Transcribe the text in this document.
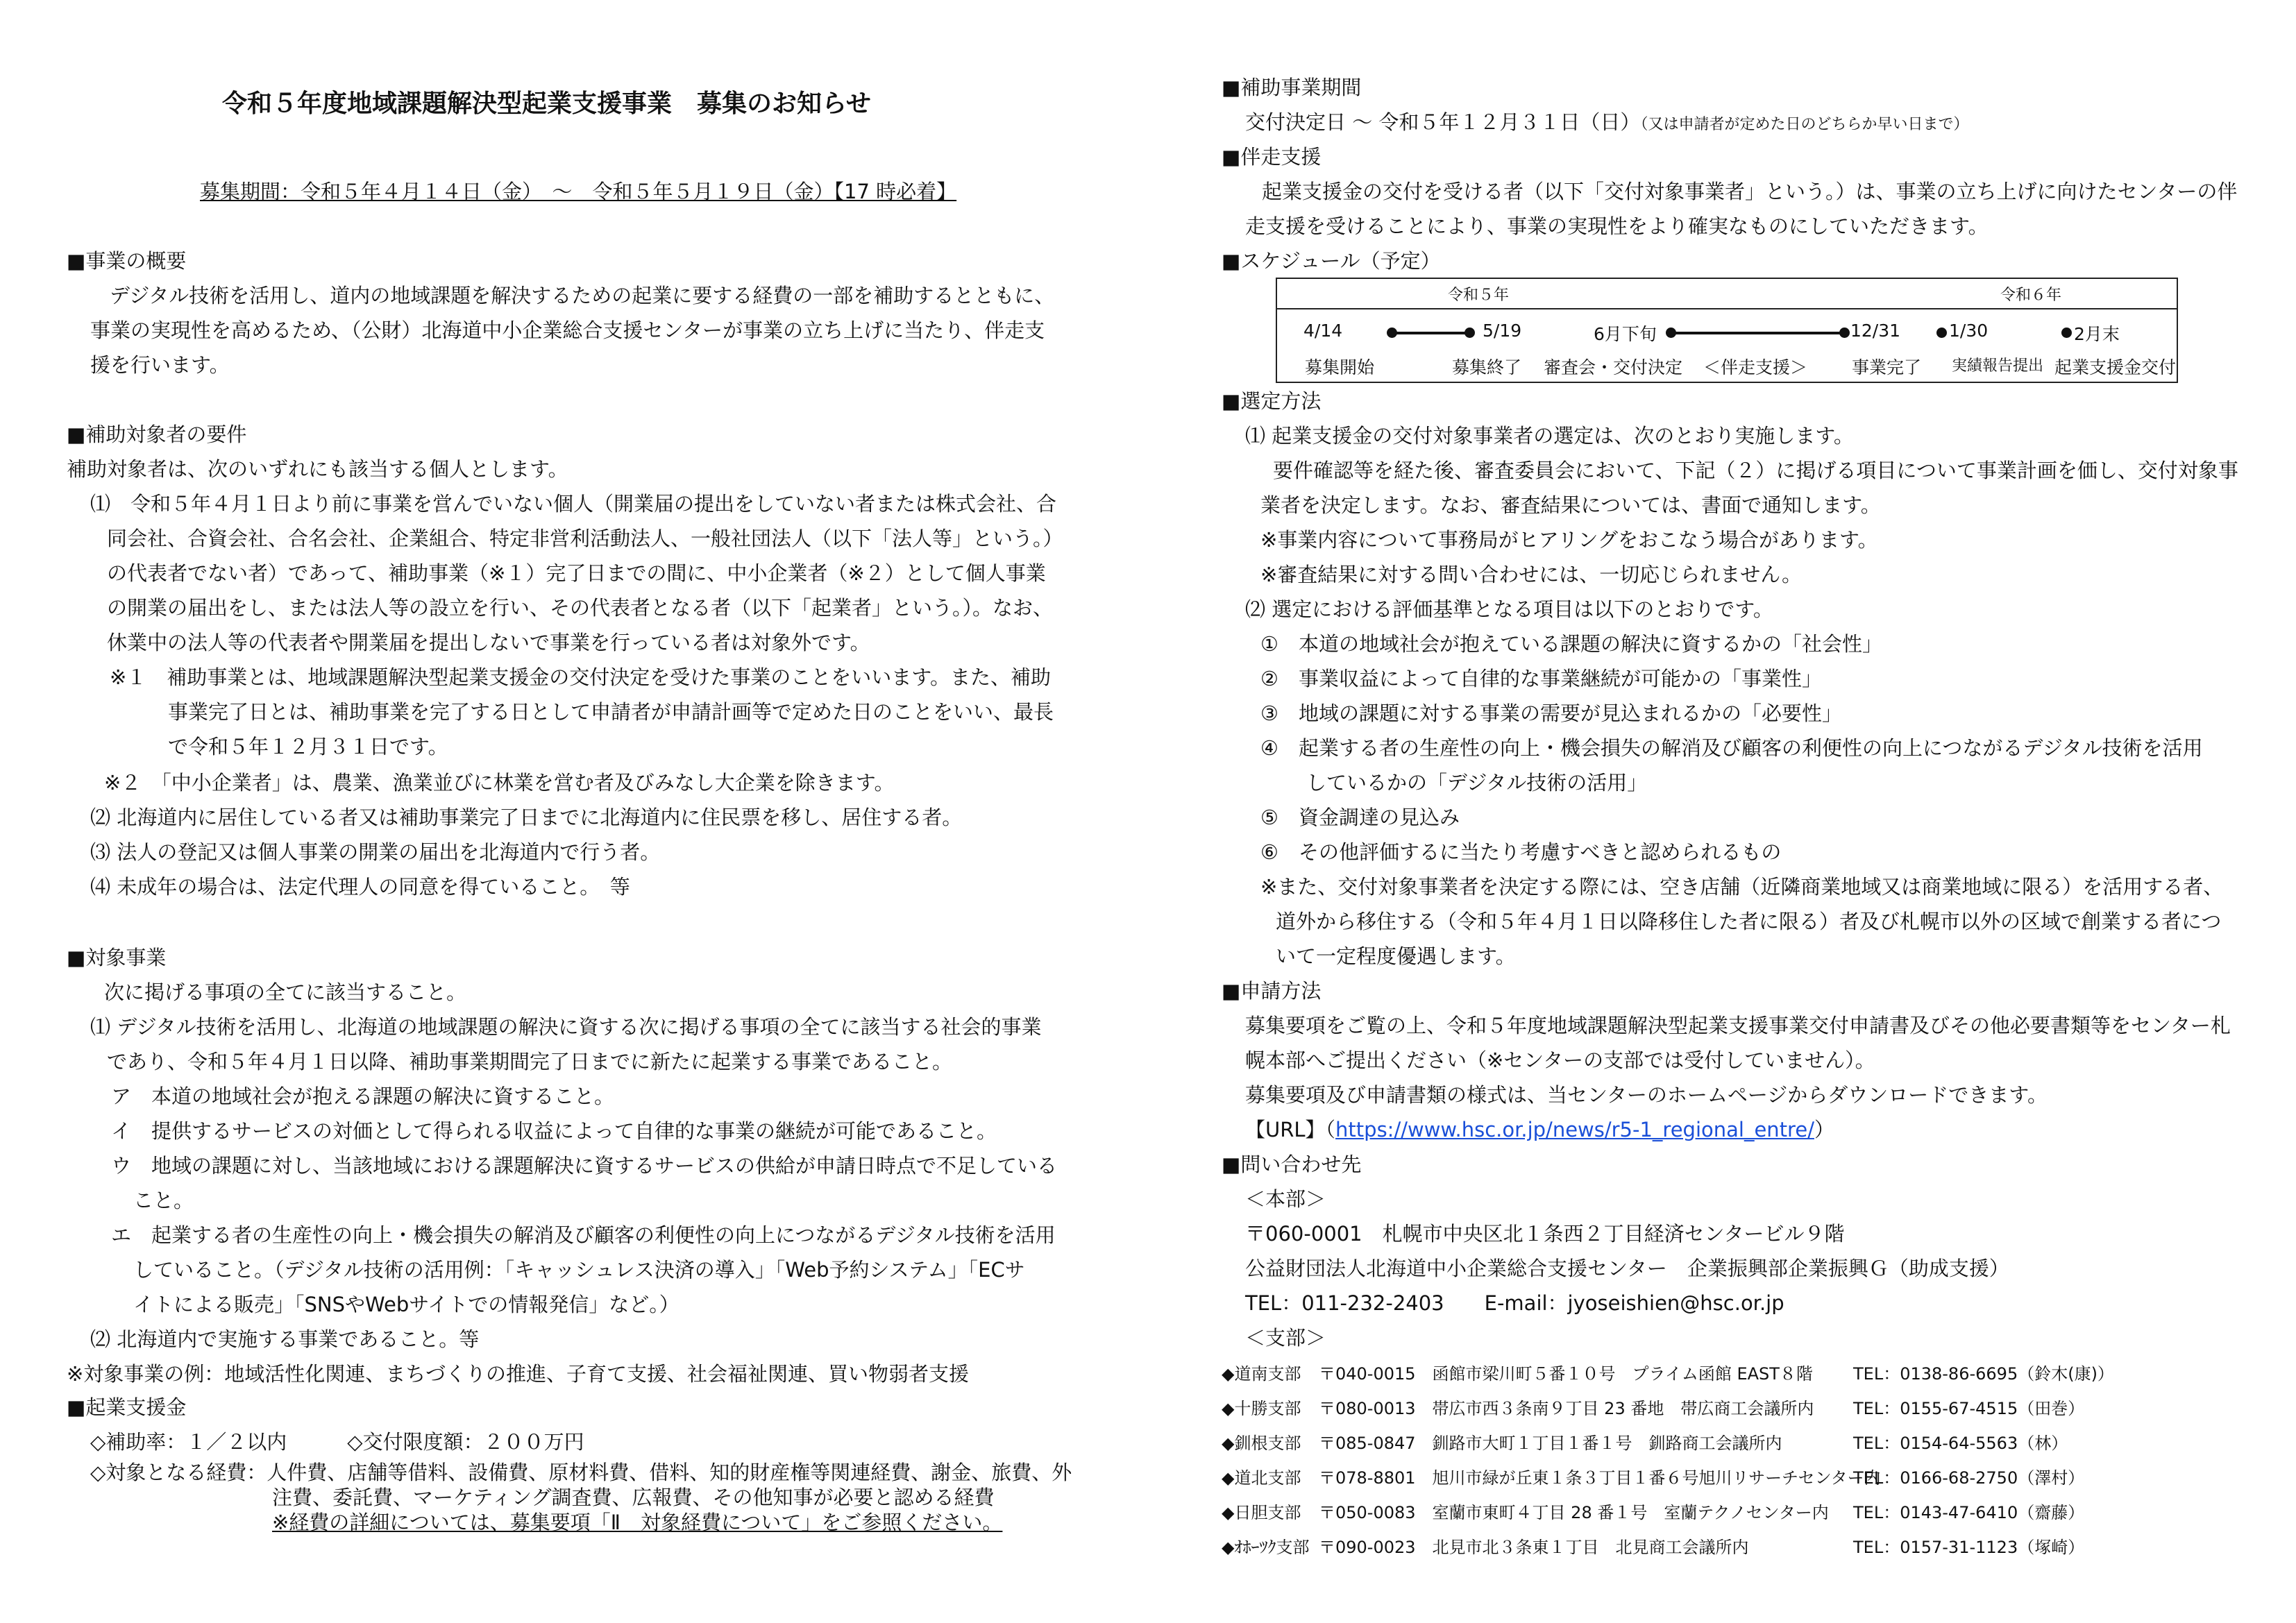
令和５年度地域課題解決型起業支援事業　募集のお知らせ
募集期間：令和５年４月１４日（金）　～　令和５年５月１９日（金）【17 時必着】
■事業の概要
デジタル技術を活用し、道内の地域課題を解決するための起業に要する経費の一部を補助するとともに、
事業の実現性を高めるため、（公財）北海道中小企業総合支援センターが事業の立ち上げに当たり、伴走支
援を行います。
■補助対象者の要件
補助対象者は、次のいずれにも該当する個人とします。
⑴　令和５年４月１日より前に事業を営んでいない個人（開業届の提出をしていない者または株式会社、合
同会社、合資会社、合名会社、企業組合、特定非営利活動法人、一般社団法人（以下「法人等」という。）
の代表者でない者）であって、補助事業（※１）完了日までの間に、中小企業者（※２）として個人事業
の開業の届出をし、または法人等の設立を行い、その代表者となる者（以下「起業者」という。）。なお、
休業中の法人等の代表者や開業届を提出しないで事業を行っている者は対象外です。
※１　補助事業とは、地域課題解決型起業支援金の交付決定を受けた事業のことをいいます。また、補助
事業完了日とは、補助事業を完了する日として申請者が申請計画等で定めた日のことをいい、最長
で令和５年１２月３１日です。
※２　「中小企業者」は、農業、漁業並びに林業を営む者及びみなし大企業を除きます。
⑵ 北海道内に居住している者又は補助事業完了日までに北海道内に住民票を移し、居住する者。
⑶ 法人の登記又は個人事業の開業の届出を北海道内で行う者。
⑷ 未成年の場合は、法定代理人の同意を得ていること。　等
■対象事業
次に掲げる事項の全てに該当すること。
⑴ デジタル技術を活用し、北海道の地域課題の解決に資する次に掲げる事項の全てに該当する社会的事業
であり、令和５年４月１日以降、補助事業期間完了日までに新たに起業する事業であること。
ア　本道の地域社会が抱える課題の解決に資すること。
イ　提供するサービスの対価として得られる収益によって自律的な事業の継続が可能であること。
ウ　地域の課題に対し、当該地域における課題解決に資するサービスの供給が申請日時点で不足している
こと。
エ　起業する者の生産性の向上・機会損失の解消及び顧客の利便性の向上につながるデジタル技術を活用
していること。（デジタル技術の活用例：「キャッシュレス決済の導入」「Web予約システム」「ECサ
イトによる販売」「SNSやWebサイトでの情報発信」など。）
⑵ 北海道内で実施する事業であること。等
※対象事業の例：地域活性化関連、まちづくりの推進、子育て支援、社会福祉関連、買い物弱者支援
■起業支援金
◇補助率：１／２以内　　　◇交付限度額：２００万円
◇対象となる経費：人件費、店舗等借料、設備費、原材料費、借料、知的財産権等関連経費、謝金、旅費、外
注費、委託費、マーケティング調査費、広報費、その他知事が必要と認める経費
※経費の詳細については、募集要項「Ⅱ　対象経費について」をご参照ください。
■補助事業期間
交付決定日 ～ 令和５年１２月３１日（日）（又は申請者が定めた日のどちらか早い日まで）
■伴走支援
起業支援金の交付を受ける者（以下「交付対象事業者」という。）は、事業の立ち上げに向けたセンターの伴
走支援を受けることにより、事業の実現性をより確実なものにしていただきます。
■スケジュール（予定）
令和５年	令和６年
4/14	5/19	6月下旬	12/31	1/30	2月末
募集開始	募集終了 審査会・交付決定 ＜伴走支援＞	事業完了 実績報告提出 起業支援金交付
■選定方法
⑴ 起業支援金の交付対象事業者の選定は、次のとおり実施します。
要件確認等を経た後、審査委員会において、下記（２）に掲げる項目について事業計画を価し、交付対象事
業者を決定します。なお、審査結果については、書面で通知します。
※事業内容について事務局がヒアリングをおこなう場合があります。
※審査結果に対する問い合わせには、一切応じられません。
⑵ 選定における評価基準となる項目は以下のとおりです。
①　本道の地域社会が抱えている課題の解決に資するかの「社会性」
②　事業収益によって自律的な事業継続が可能かの「事業性」
③　地域の課題に対する事業の需要が見込まれるかの「必要性」
④　起業する者の生産性の向上・機会損失の解消及び顧客の利便性の向上につながるデジタル技術を活用
しているかの「デジタル技術の活用」
⑤　資金調達の見込み
⑥　その他評価するに当たり考慮すべきと認められるもの
※また、交付対象事業者を決定する際には、空き店舗（近隣商業地域又は商業地域に限る）を活用する者、
道外から移住する（令和５年４月１日以降移住した者に限る）者及び札幌市以外の区域で創業する者につ
いて一定程度優遇します。
■申請方法
募集要項をご覧の上、令和５年度地域課題解決型起業支援事業交付申請書及びその他必要書類等をセンター札
幌本部へご提出ください（※センターの支部では受付していません）。
募集要項及び申請書類の様式は、当センターのホームページからダウンロードできます。
【URL】（https://www.hsc.or.jp/news/r5-1_regional_entre/）
■問い合わせ先
＜本部＞
〒060-0001　札幌市中央区北１条西２丁目経済センタービル９階
公益財団法人北海道中小企業総合支援センター　企業振興部企業振興Ｇ（助成支援）
TEL：011-232-2403　　E-mail：jyoseishien@hsc.or.jp
＜支部＞
◆道南支部 〒040-0015　函館市梁川町５番１０号　プライム函館 EAST８階 TEL：0138-86-6695（鈴木(康)）
◆十勝支部 〒080-0013　帯広市西３条南９丁目 23 番地　帯広商工会議所内 TEL：0155-67-4515（田巻）
◆釧根支部 〒085-0847　釧路市大町１丁目１番１号　釧路商工会議所内	TEL：0154-64-5563（林）
◆道北支部 〒078-8801　旭川市緑が丘東１条３丁目１番６号旭川リサーチセンター内
TEL：0166-68-2750（澤村）
◆日胆支部 〒050-0083　室蘭市東町４丁目 28 番１号　室蘭テクノセンター内 TEL：0143-47-6410（齋藤）
◆ｵﾎｰﾂｸ支部 〒090-0023　北見市北３条東１丁目　北見商工会議所内	TEL：0157-31-1123（塚崎）
